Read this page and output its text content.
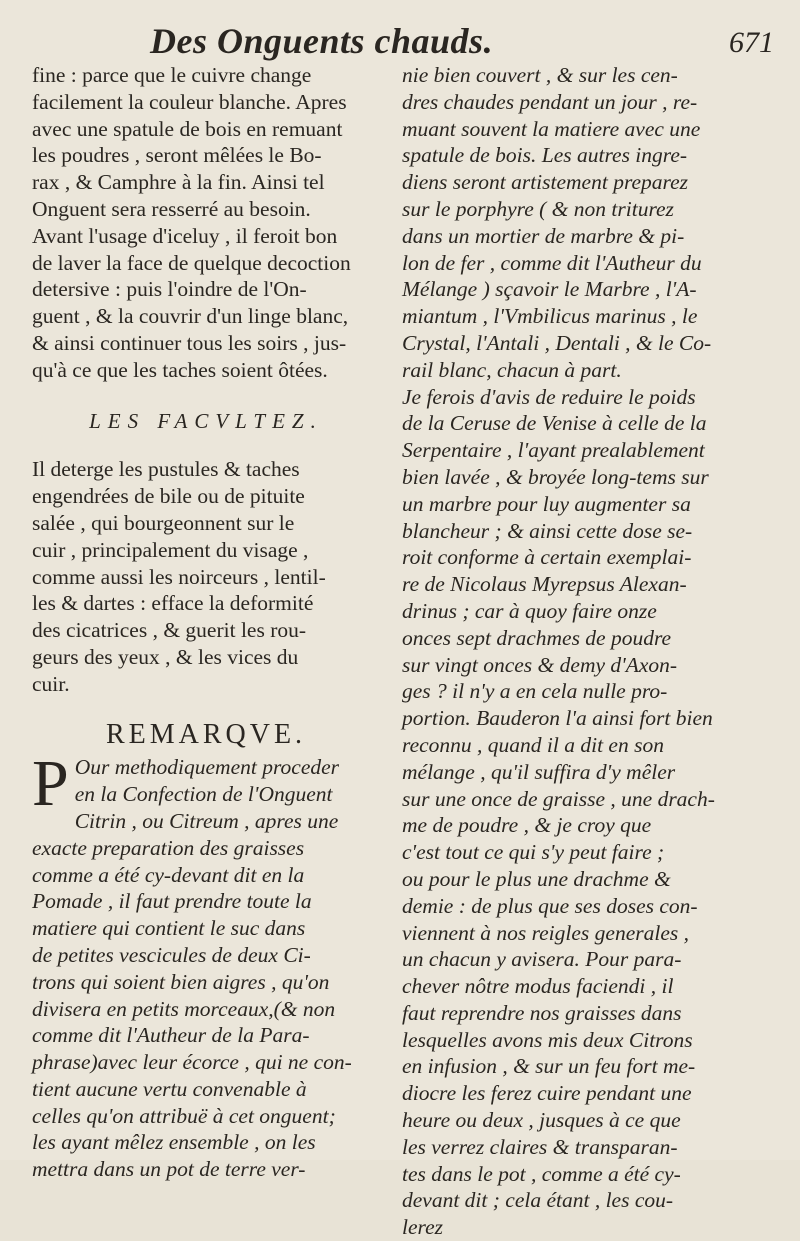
Des Onguents chauds.	671

fine : parce que le cuivre change
facilement la couleur blanche. Apres
avec une spatule de bois en remuant
les poudres , seront mêlées le Bo-
rax , & Camphre à la fin. Ainsi tel
Onguent sera resserré au besoin.
Avant l'usage d'iceluy , il feroit bon
de laver la face de quelque decoction
detersive : puis l'oindre de l'On-
guent , & la couvrir d'un linge blanc,
& ainsi continuer tous les soirs , jus-
qu'à ce que les taches soient ôtées.

LES FACVLTEZ.

Il deterge les pustules & taches
engendrées de bile ou de pituite
salée , qui bourgeonnent sur le
cuir , principalement du visage ,
comme aussi les noirceurs , lentil-
les & dartes : efface la deformité
des cicatrices , & guerit les rou-
geurs des yeux , & les vices du
cuir.

REMARQVE.

P Our methodiquement proceder
en la Confection de l'Onguent
Citrin , ou Citreum , apres une
exacte preparation des graisses
comme a été cy-devant dit en la
Pomade , il faut prendre toute la
matiere qui contient le suc dans
de petites vescicules de deux Ci-
trons qui soient bien aigres , qu'on
divisera en petits morceaux,(& non
comme dit l'Autheur de la Para-
phrase)avec leur écorce , qui ne con-
tient aucune vertu convenable à
celles qu'on attribuë à cet onguent;
les ayant mêlez ensemble , on les
mettra dans un pot de terre ver-

nie bien couvert , & sur les cen-
dres chaudes pendant un jour , re-
muant souvent la matiere avec une
spatule de bois. Les autres ingre-
diens seront artistement preparez
sur le porphyre ( & non triturez
dans un mortier de marbre & pi-
lon de fer , comme dit l'Autheur du
Mélange ) sçavoir le Marbre , l'A-
miantum , l'Vmbilicus marinus , le
Crystal, l'Antali , Dentali , & le Co-
rail blanc, chacun à part.
Je ferois d'avis de reduire le poids
de la Ceruse de Venise à celle de la
Serpentaire , l'ayant prealablement
bien lavée , & broyée long-tems sur
un marbre pour luy augmenter sa
blancheur ; & ainsi cette dose se-
roit conforme à certain exemplai-
re de Nicolaus Myrepsus Alexan-
drinus ; car à quoy faire onze
onces sept drachmes de poudre
sur vingt onces & demy d'Axon-
ges ? il n'y a en cela nulle pro-
portion. Bauderon l'a ainsi fort bien
reconnu , quand il a dit en son
mélange , qu'il suffira d'y mêler
sur une once de graisse , une drach-
me de poudre , & je croy que
c'est tout ce qui s'y peut faire ;
ou pour le plus une drachme &
demie : de plus que ses doses con-
viennent à nos reigles generales ,
un chacun y avisera. Pour para-
chever nôtre modus faciendi , il
faut reprendre nos graisses dans
lesquelles avons mis deux Citrons
en infusion , & sur un feu fort me-
diocre les ferez cuire pendant une
heure ou deux , jusques à ce que
les verrez claires & transparan-
tes dans le pot , comme a été cy-
devant dit ; cela étant , les cou-
lerez
